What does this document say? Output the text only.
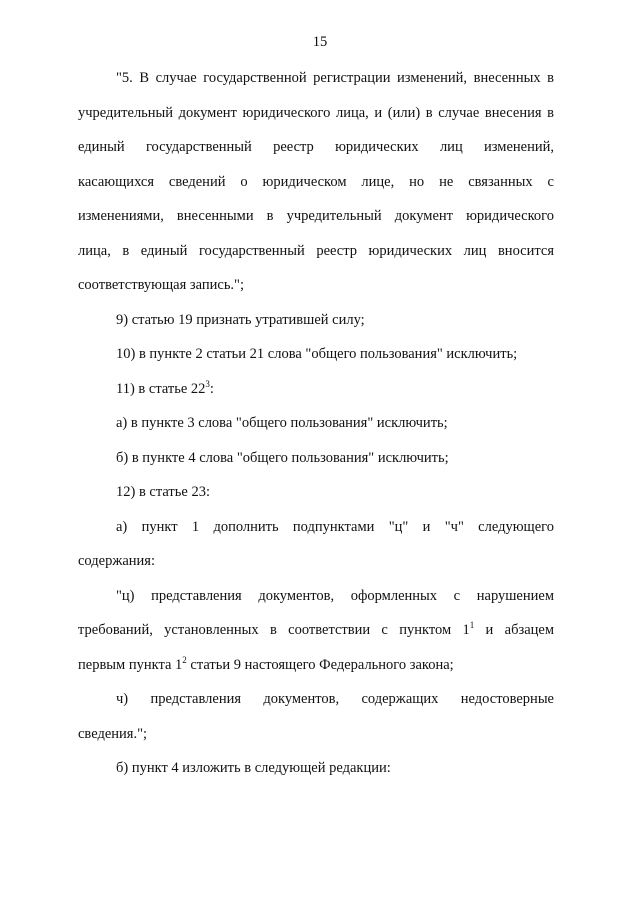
15
"5. В случае государственной регистрации изменений, внесенных в
учредительный документ юридического лица, и (или) в случае внесения в
единый государственный реестр юридических лиц изменений,
касающихся сведений о юридическом лице, но не связанных с
изменениями, внесенными в учредительный документ юридического
лица, в единый государственный реестр юридических лиц вносится
соответствующая запись.";
9) статью 19 признать утратившей силу;
10) в пункте 2 статьи 21 слова "общего пользования" исключить;
11) в статье $22^3$:
а) в пункте 3 слова "общего пользования" исключить;
б) в пункте 4 слова "общего пользования" исключить;
12) в статье 23:
а) пункт 1 дополнить подпунктами "ц" и "ч" следующего
содержания:
"ц) представления документов, оформленных с нарушением
требований, установленных в соответствии с пунктом $1^1$ и абзацем
первым пункта $1^2$ статьи 9 настоящего Федерального закона;
ч) представления документов, содержащих недостоверные
сведения.";
б) пункт 4 изложить в следующей редакции:
